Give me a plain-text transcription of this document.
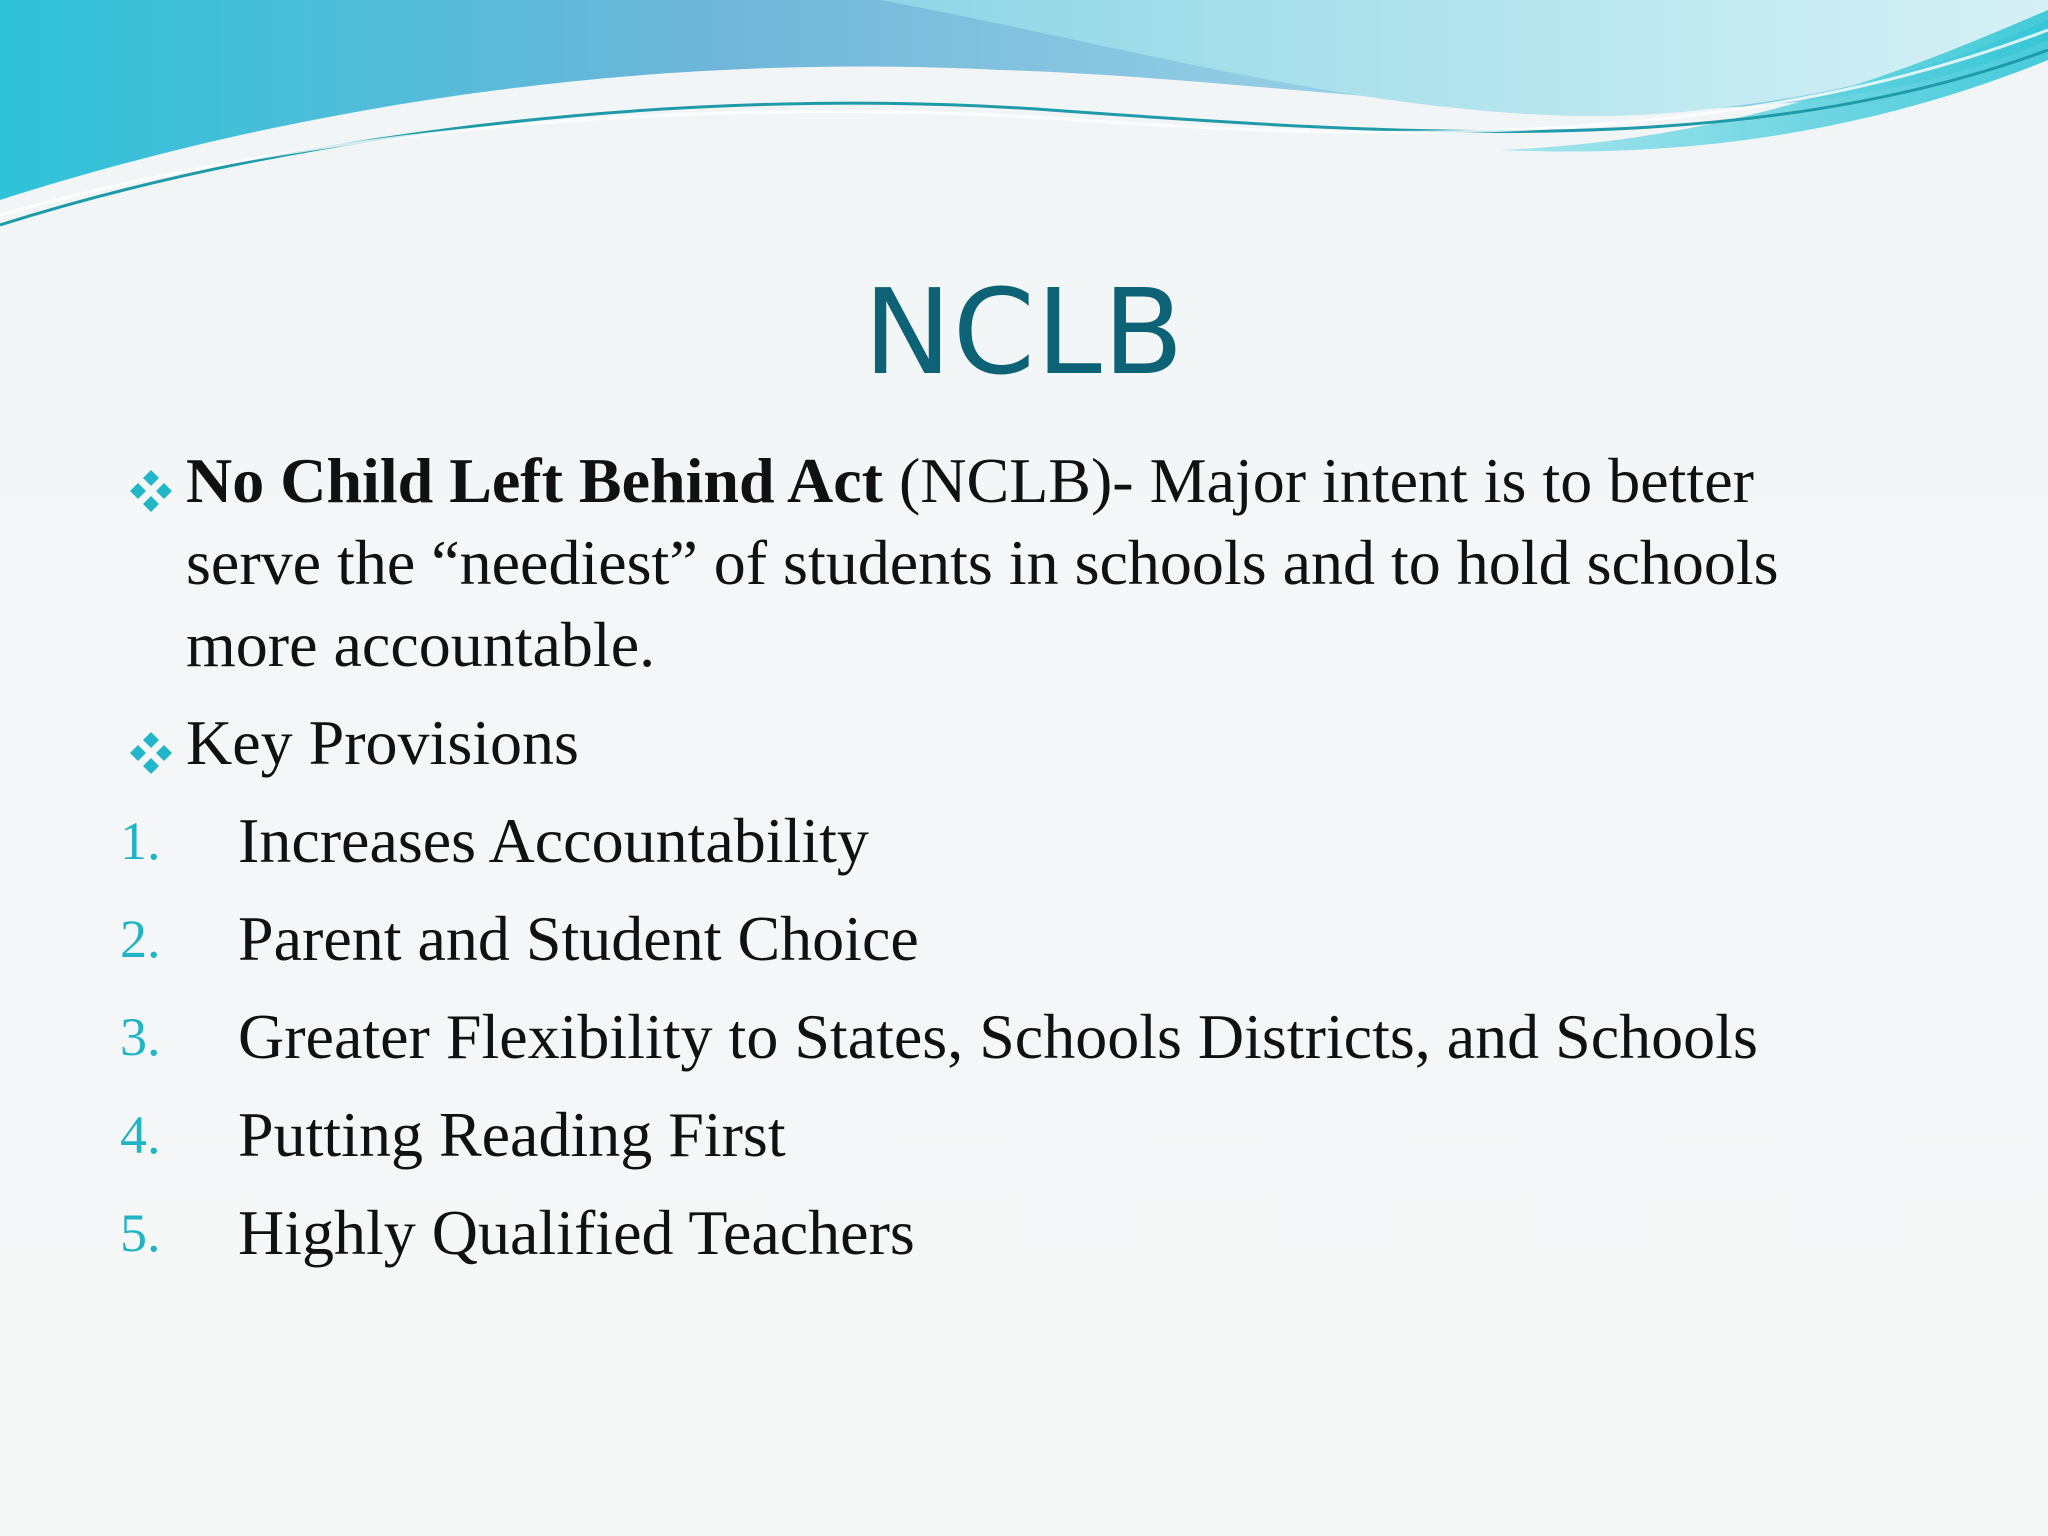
NCLB
No Child Left Behind Act (NCLB)- Major intent is to better serve the “neediest” of students in schools and to hold schools more accountable.
Key Provisions
1. Increases Accountability
2. Parent and Student Choice
3. Greater Flexibility to States, Schools Districts, and Schools
4. Putting Reading First
5. Highly Qualified Teachers
